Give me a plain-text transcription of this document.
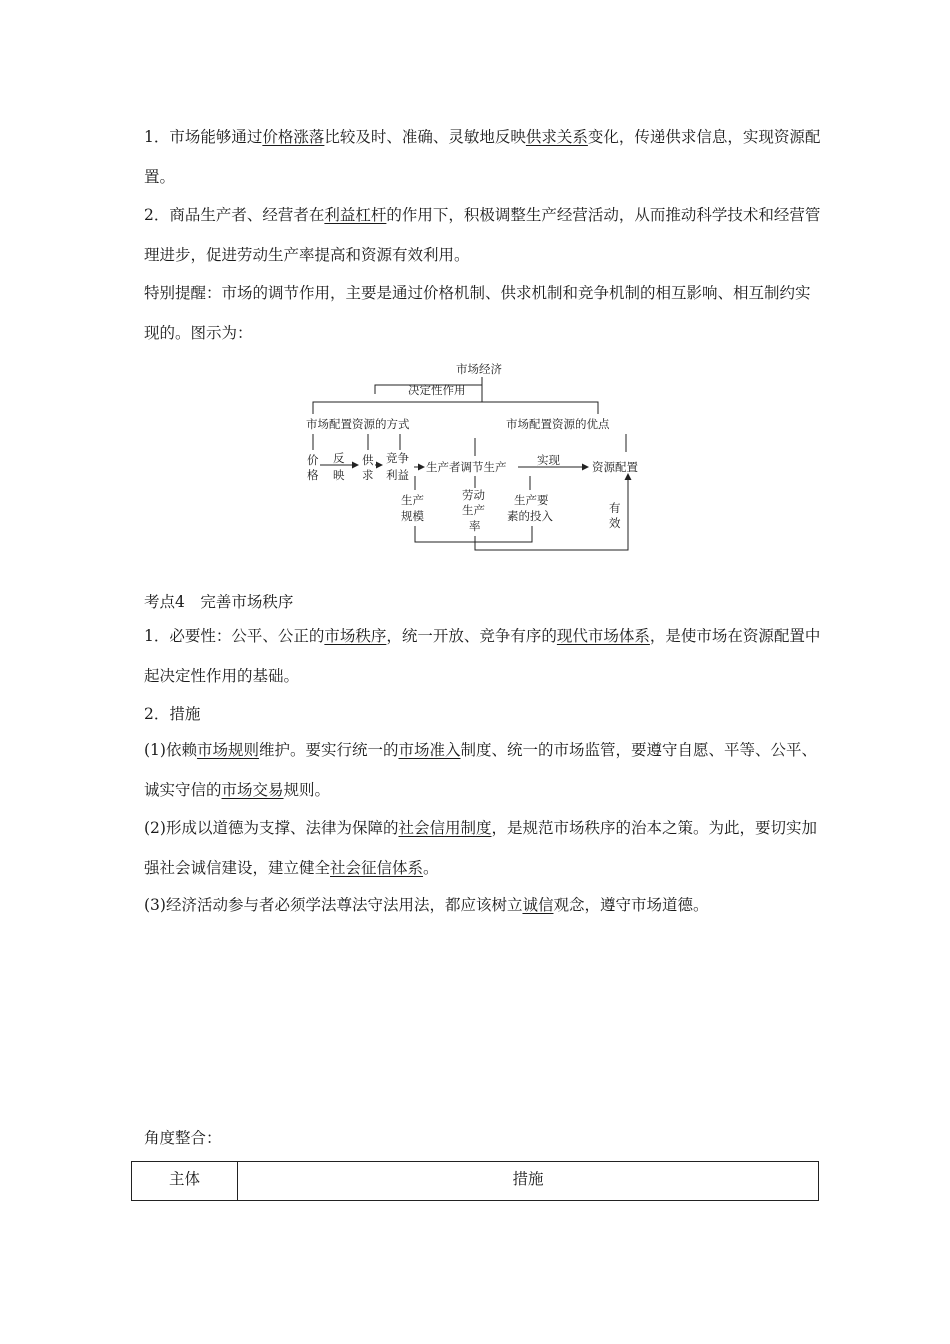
1．市场能够通过价格涨落比较及时、准确、灵敏地反映供求关系变化，传递供求信息，实现资源配置。

2．商品生产者、经营者在利益杠杆的作用下，积极调整生产经营活动，从而推动科学技术和经营管理进步，促进劳动生产率提高和资源有效利用。

特别提醒：市场的调节作用，主要是通过价格机制、供求机制和竞争机制的相互影响、相互制约实现的。图示为：

市场经济
决定性作用
市场配置资源的方式	市场配置资源的优点
价
格
反
映
供
求
竞争
利益
生产者调节生产	实现	资源配置
生产
规模
劳动
生产
率
生产要
素的投入
有
效

考点4　完善市场秩序

1．必要性：公平、公正的市场秩序，统一开放、竞争有序的现代市场体系，是使市场在资源配置中起决定性作用的基础。

2．措施

(1)依赖市场规则维护。要实行统一的市场准入制度、统一的市场监管，要遵守自愿、平等、公平、诚实守信的市场交易规则。

(2)形成以道德为支撑、法律为保障的社会信用制度，是规范市场秩序的治本之策。为此，要切实加强社会诚信建设，建立健全社会征信体系。

(3)经济活动参与者必须学法尊法守法用法，都应该树立诚信观念，遵守市场道德。

角度整合：

主体	措施
